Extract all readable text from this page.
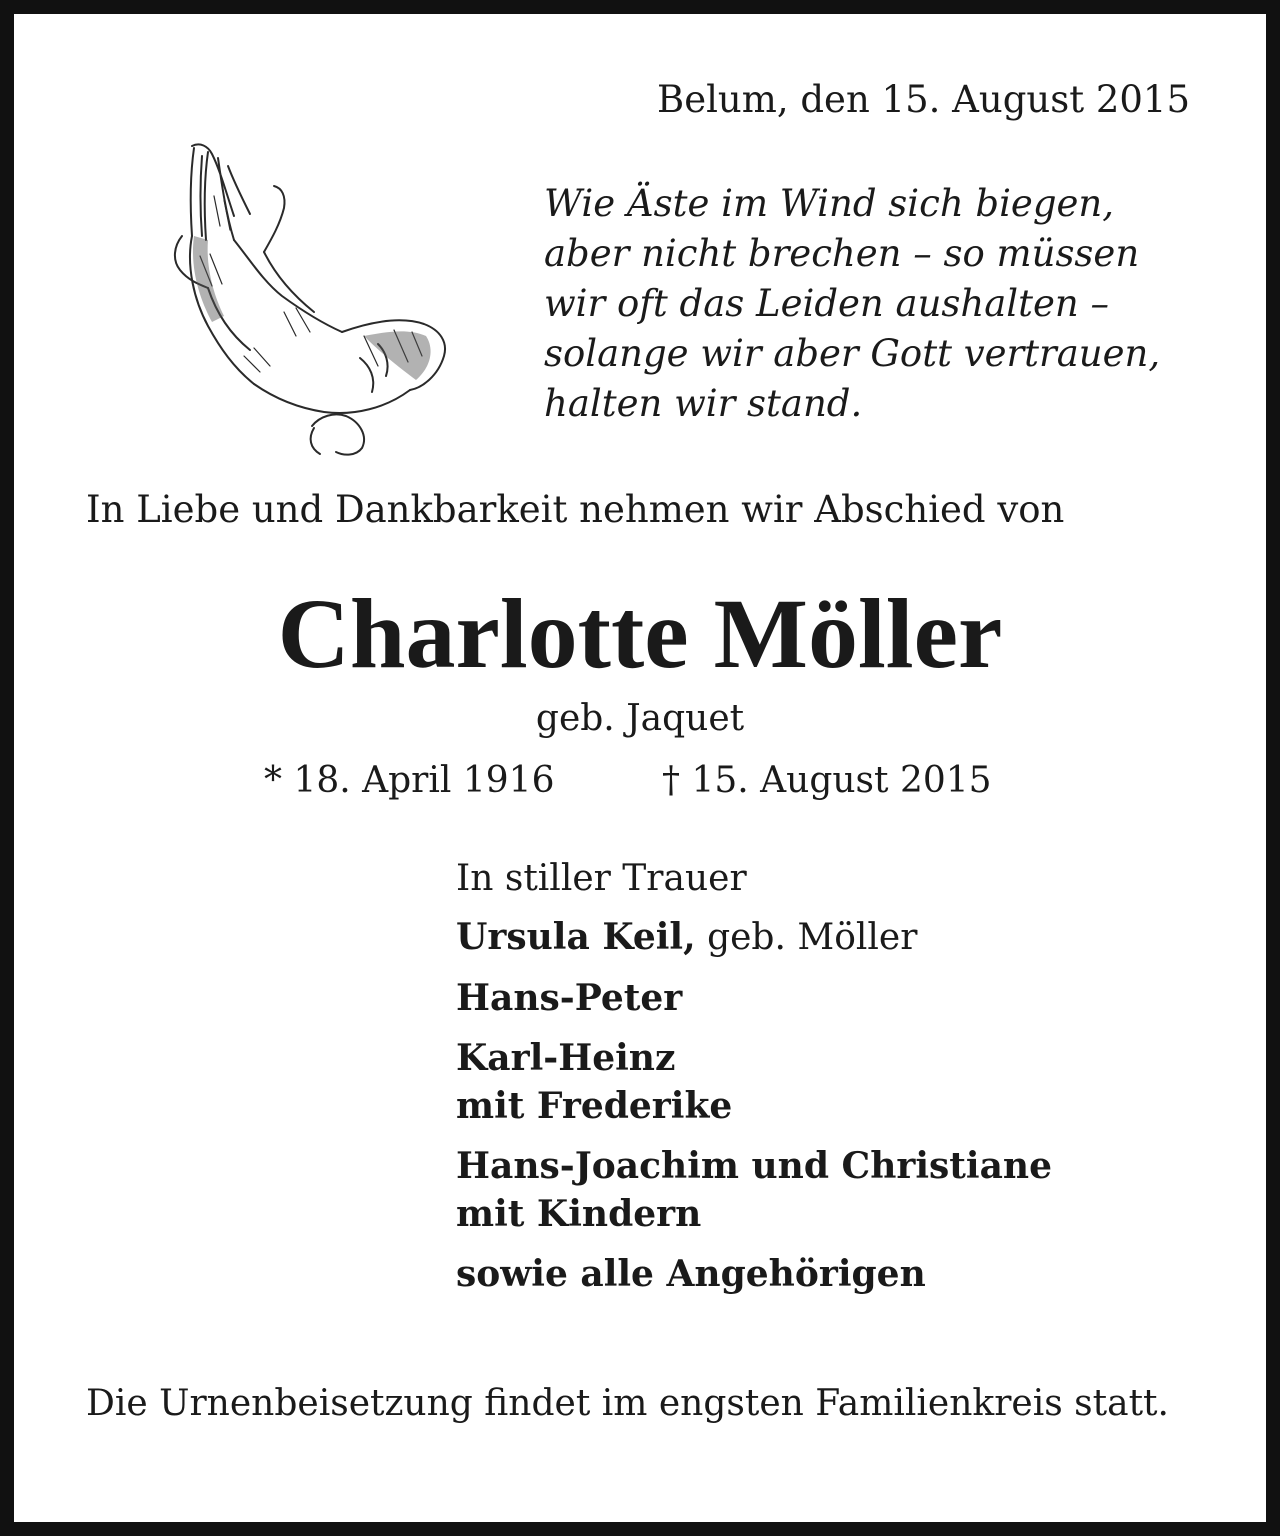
Belum, den 15. August 2015
Wie Äste im Wind sich biegen,
aber nicht brechen – so müssen
wir oft das Leiden aushalten –
solange wir aber Gott vertrauen,
halten wir stand.
In Liebe und Dankbarkeit nehmen wir Abschied von
Charlotte Möller
geb. Jaquet
* 18. April 1916	† 15. August 2015
In stiller Trauer
Ursula Keil, geb. Möller
Hans-Peter
Karl-Heinz
mit Frederike
Hans-Joachim und Christiane
mit Kindern
sowie alle Angehörigen
Die Urnenbeisetzung findet im engsten Familienkreis statt.
